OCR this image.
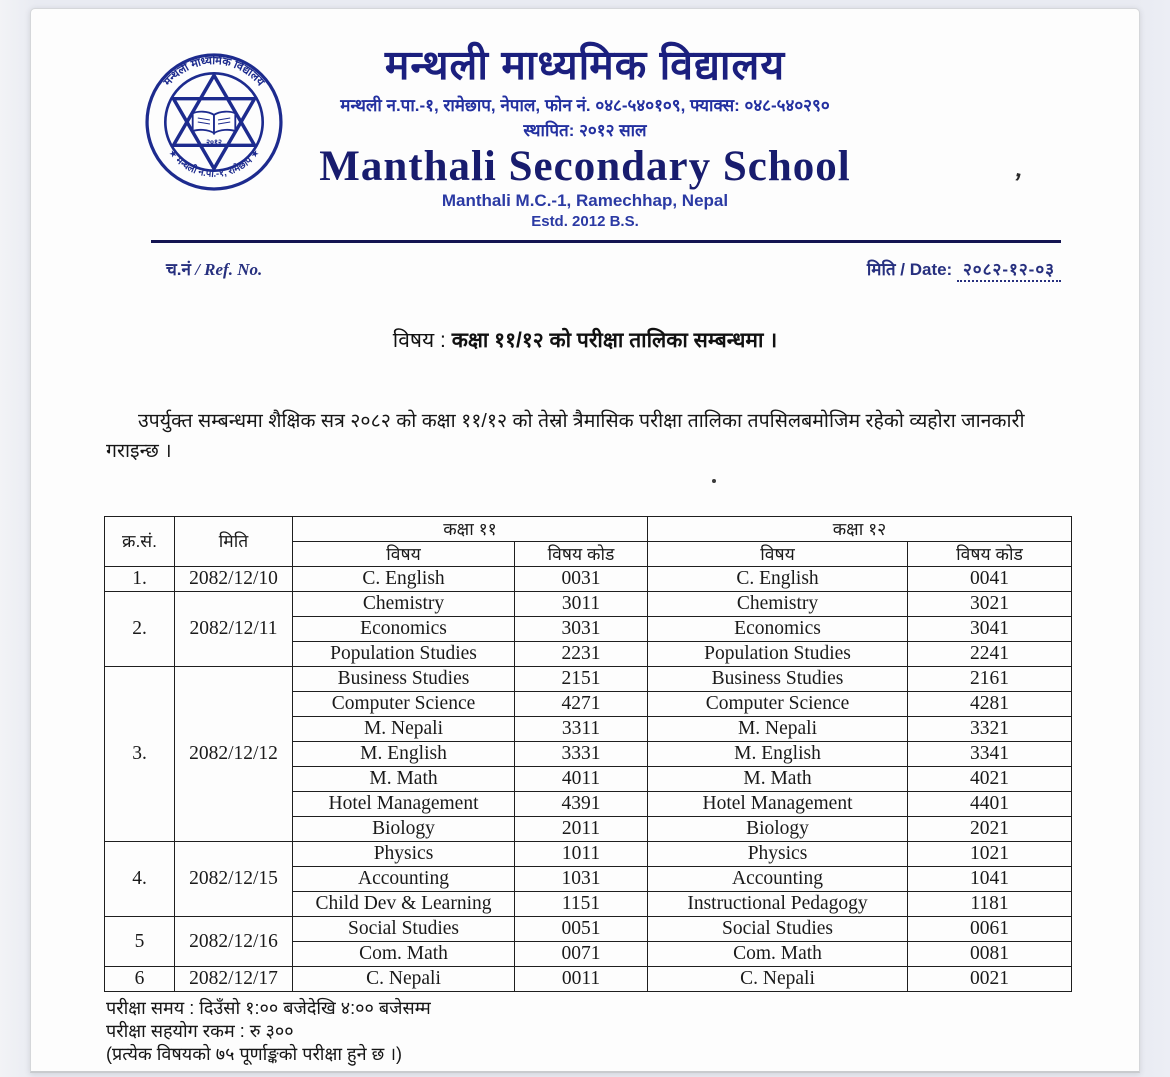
मन्थली माध्यमिक विद्यालय
★ मन्थली न.पा.-१, रामेछाप ★
२०१२
मन्थली माध्यमिक विद्यालय
मन्थली न.पा.-१, रामेछाप, नेपाल, फोन नं. ०४८-५४०१०९, फ्याक्स: ०४८-५४०२९०
स्थापित: २०१२ साल
Manthali Secondary School
Manthali M.C.-1, Ramechhap, Nepal
Estd. 2012 B.S.
च.नं / Ref. No.	मिति / Date: २०८२-१२-०३
विषय : कक्षा ११/१२ को परीक्षा तालिका सम्बन्धमा ।
उपर्युक्त सम्बन्धमा शैक्षिक सत्र २०८२ को कक्षा ११/१२ को तेस्रो त्रैमासिक परीक्षा तालिका तपसिलबमोजिम रहेको व्यहोरा जानकारी गराइन्छ ।
क्र.सं.	मिति	कक्षा ११		कक्षा १२	
		विषय	विषय कोड	विषय	विषय कोड
1.	2082/12/10	C. English	0031	C. English	0041
2.	2082/12/11	Chemistry	3011	Chemistry	3021
		Economics	3031	Economics	3041
		Population Studies	2231	Population Studies	2241
3.	2082/12/12	Business Studies	2151	Business Studies	2161
		Computer Science	4271	Computer Science	4281
		M. Nepali	3311	M. Nepali	3321
		M. English	3331	M. English	3341
		M. Math	4011	M. Math	4021
		Hotel Management	4391	Hotel Management	4401
		Biology	2011	Biology	2021
4.	2082/12/15	Physics	1011	Physics	1021
		Accounting	1031	Accounting	1041
		Child Dev & Learning	1151	Instructional Pedagogy	1181
5	2082/12/16	Social Studies	0051	Social Studies	0061
		Com. Math	0071	Com. Math	0081
6	2082/12/17	C. Nepali	0011	C. Nepali	0021
परीक्षा समय : दिउँसो १:०० बजेदेखि ४:०० बजेसम्म
परीक्षा सहयोग रकम : रु ३००
(प्रत्येक विषयको ७५ पूर्णाङ्कको परीक्षा हुने छ ।)
’
